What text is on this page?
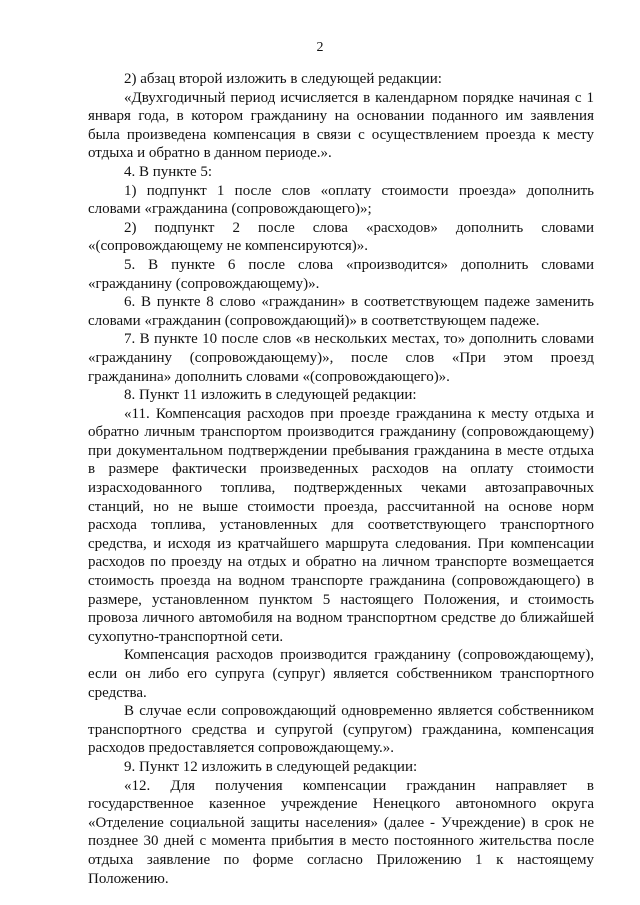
2

2) абзац второй изложить в следующей редакции:

«Двухгодичный период исчисляется в календарном порядке начиная с 1 января года, в котором гражданину на основании поданного им заявления была произведена компенсация в связи с осуществлением проезда к месту отдыха и обратно в данном периоде.».

4. В пункте 5:

1) подпункт 1 после слов «оплату стоимости проезда» дополнить словами «гражданина (сопровождающего)»;

2) подпункт 2 после слова «расходов» дополнить словами «(сопровождающему не компенсируются)».

5. В пункте 6 после слова «производится» дополнить словами «гражданину (сопровождающему)».

6. В пункте 8 слово «гражданин» в соответствующем падеже заменить словами «гражданин (сопровождающий)» в соответствующем падеже.

7. В пункте 10 после слов «в нескольких местах, то» дополнить словами «гражданину (сопровождающему)», после слов «При этом проезд гражданина» дополнить словами «(сопровождающего)».

8. Пункт 11 изложить в следующей редакции:

«11. Компенсация расходов при проезде гражданина к месту отдыха и обратно личным транспортом производится гражданину (сопровождающему) при документальном подтверждении пребывания гражданина в месте отдыха в размере фактически произведенных расходов на оплату стоимости израсходованного топлива, подтвержденных чеками автозаправочных станций, но не выше стоимости проезда, рассчитанной на основе норм расхода топлива, установленных для соответствующего транспортного средства, и исходя из кратчайшего маршрута следования. При компенсации расходов по проезду на отдых и обратно на личном транспорте возмещается стоимость проезда на водном транспорте гражданина (сопровождающего) в размере, установленном пунктом 5 настоящего Положения, и стоимость провоза личного автомобиля на водном транспортном средстве до ближайшей сухопутно-транспортной сети.

Компенсация расходов производится гражданину (сопровождающему), если он либо его супруга (супруг) является собственником транспортного средства.

В случае если сопровождающий одновременно является собственником транспортного средства и супругой (супругом) гражданина, компенсация расходов предоставляется сопровождающему.».

9. Пункт 12 изложить в следующей редакции:

«12. Для получения компенсации гражданин направляет в государственное казенное учреждение Ненецкого автономного округа «Отделение социальной защиты населения» (далее - Учреждение) в срок не позднее 30 дней с момента прибытия в место постоянного жительства после отдыха заявление по форме согласно Приложению 1 к настоящему Положению.
